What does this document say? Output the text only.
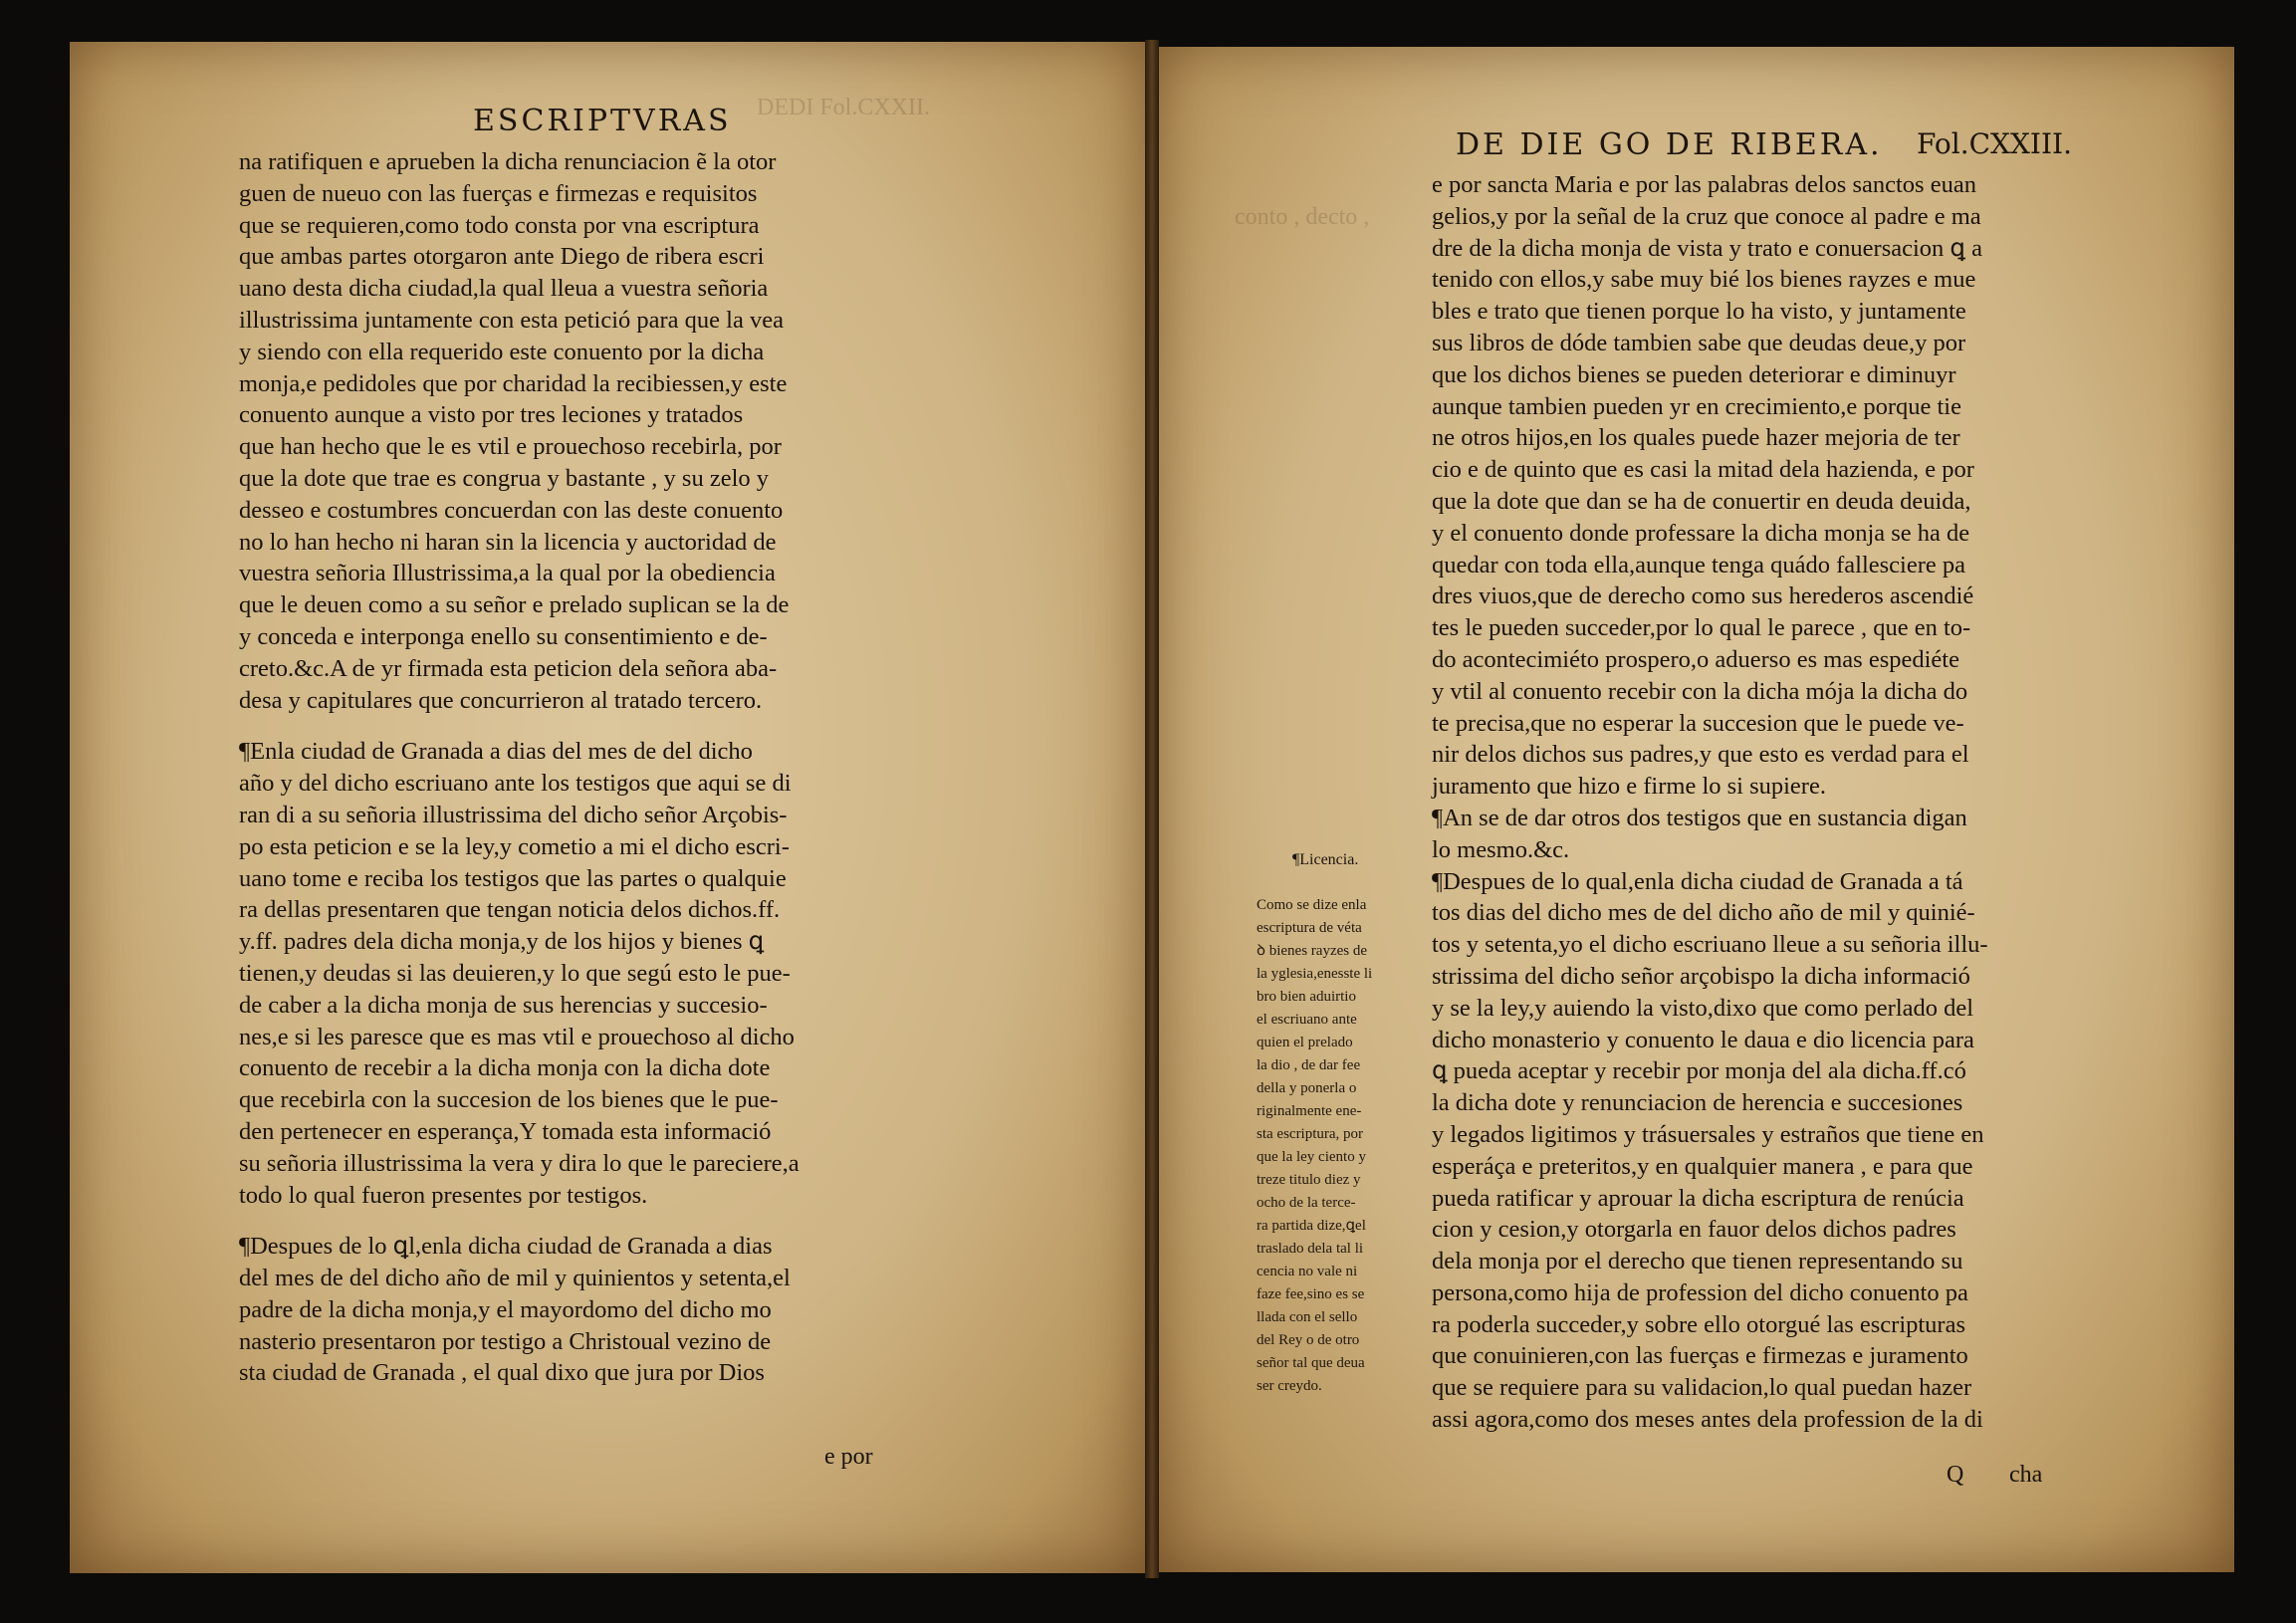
DEDI Fol.CXXII.
conto , decto ,
ESCRIPTVRAS
na ratifiquen e aprueben la dicha renunciacion ẽ la otor
guen de nueuo con las fuerças e firmezas e requisitos
que se requieren,como todo consta por vna escriptura
que ambas partes otorgaron ante Diego de ribera escri
uano desta dicha ciudad,la qual lleua a vuestra señoria
illustrissima juntamente con esta petició para que la vea
y siendo con ella requerido este conuento por la dicha
monja,e pedidoles que por charidad la recibiessen,y este
conuento aunque a visto por tres leciones y tratados
que han hecho que le es vtil e prouechoso recebirla, por
que la dote que trae es congrua y bastante , y su zelo y
desseo e costumbres concuerdan con las deste conuento
no lo han hecho ni haran sin la licencia y auctoridad de
vuestra señoria Illustrissima,a la qual por la obediencia
que le deuen como a su señor e prelado suplican se la de
y conceda e interponga enello su consentimiento e de-
creto.&c.A de yr firmada esta peticion dela señora aba-
desa y capitulares que concurrieron al tratado tercero.
¶Enla ciudad de Granada a dias del mes de del dicho
año y del dicho escriuano ante los testigos que aqui se di
ran di a su señoria illustrissima del dicho señor Arçobis-
po esta peticion e se la ley,y cometio a mi el dicho escri-
uano tome e reciba los testigos que las partes o qualquie
ra dellas presentaren que tengan noticia delos dichos.ff.
y.ff. padres dela dicha monja,y de los hijos y bienes ꝗ
tienen,y deudas si las deuieren,y lo que segú esto le pue-
de caber a la dicha monja de sus herencias y succesio-
nes,e si les paresce que es mas vtil e prouechoso al dicho
conuento de recebir a la dicha monja con la dicha dote
que recebirla con la succesion de los bienes que le pue-
den pertenecer en esperança,Y tomada esta informació
su señoria illustrissima la vera y dira lo que le pareciere,a
todo lo qual fueron presentes por testigos.
¶Despues de lo ꝗl,enla dicha ciudad de Granada a dias
del mes de del dicho año de mil y quinientos y setenta,el
padre de la dicha monja,y el mayordomo del dicho mo
nasterio presentaron por testigo a Christoual vezino de
sta ciudad de Granada , el qual dixo que jura por Dios
e por
DE DIE GO DE RIBERA. Fol.CXXIII.
e por sancta Maria e por las palabras delos sanctos euan
gelios,y por la señal de la cruz que conoce al padre e ma
dre de la dicha monja de vista y trato e conuersacion ꝗ a
tenido con ellos,y sabe muy bié los bienes rayzes e mue
bles e trato que tienen porque lo ha visto, y juntamente
sus libros de dóde tambien sabe que deudas deue,y por
que los dichos bienes se pueden deteriorar e diminuyr
aunque tambien pueden yr en crecimiento,e porque tie
ne otros hijos,en los quales puede hazer mejoria de ter
cio e de quinto que es casi la mitad dela hazienda, e por
que la dote que dan se ha de conuertir en deuda deuida,
y el conuento donde professare la dicha monja se ha de
quedar con toda ella,aunque tenga quádo fallesciere pa
dres viuos,que de derecho como sus herederos ascendié
tes le pueden succeder,por lo qual le parece , que en to-
do acontecimiéto prospero,o aduerso es mas espediéte
y vtil al conuento recebir con la dicha mója la dicha do
te precisa,que no esperar la succesion que le puede ve-
nir delos dichos sus padres,y que esto es verdad para el
juramento que hizo e firme lo si supiere.
¶An se de dar otros dos testigos que en sustancia digan
lo mesmo.&c.
¶Despues de lo qual,enla dicha ciudad de Granada a tá
tos dias del dicho mes de del dicho año de mil y quinié-
tos y setenta,yo el dicho escriuano lleue a su señoria illu-
strissima del dicho señor arçobispo la dicha informació
y se la ley,y auiendo la visto,dixo que como perlado del
dicho monasterio y conuento le daua e dio licencia para
ꝗ pueda aceptar y recebir por monja del ala dicha.ff.có
la dicha dote y renunciacion de herencia e succesiones
y legados ligitimos y trásuersales y estraños que tiene en
esperáça e preteritos,y en qualquier manera , e para que
pueda ratificar y aprouar la dicha escriptura de renúcia
cion y cesion,y otorgarla en fauor delos dichos padres
dela monja por el derecho que tienen representando su
persona,como hija de profession del dicho conuento pa
ra poderla succeder,y sobre ello otorgué las escripturas
que conuinieren,con las fuerças e firmezas e juramento
que se requiere para su validacion,lo qual puedan hazer
assi agora,como dos meses antes dela profession de la di
Q cha
¶Licencia.
Como se dize enla
escriptura de véta
ꝺ bienes rayzes de
la yglesia,enesste li
bro bien aduirtio
el escriuano ante
quien el prelado
la dio , de dar fee
della y ponerla o
riginalmente ene-
sta escriptura, por
que la ley ciento y
treze titulo diez y
ocho de la terce-
ra partida dize,ꝗel
traslado dela tal li
cencia no vale ni
faze fee,sino es se
llada con el sello
del Rey o de otro
señor tal que deua
ser creydo.
